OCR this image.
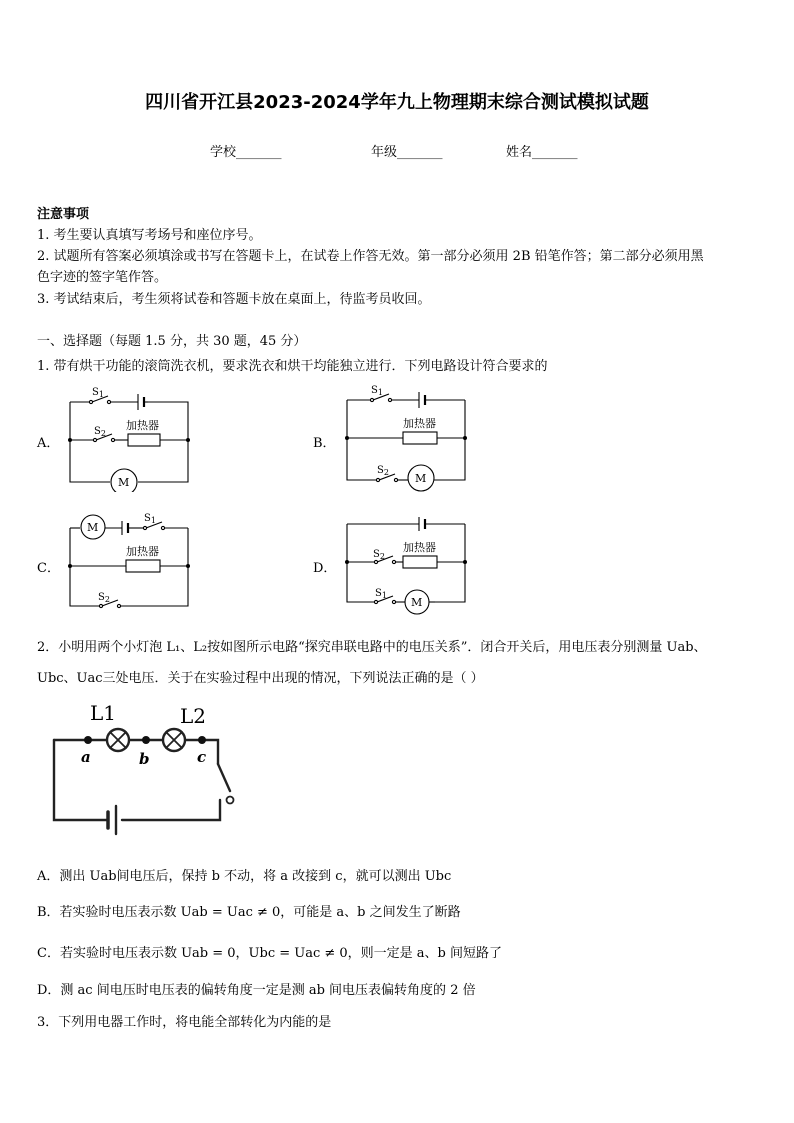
四川省开江县2023-2024学年九上物理期末综合测试模拟试题
学校_______	年级_______	姓名_______
注意事项
1. 考生要认真填写考场号和座位序号。
2. 试题所有答案必须填涂或书写在答题卡上，在试卷上作答无效。第一部分必须用 2B 铅笔作答；第二部分必须用黑
色字迹的签字笔作答。
3. 考试结束后，考生须将试卷和答题卡放在桌面上，待监考员收回。
一、选择题（每题 1.5 分，共 30 题，45 分）
1. 带有烘干功能的滚筒洗衣机，要求洗衣和烘干均能独立进行．下列电路设计符合要求的
A．	B．
C．	D．
$S_1$
$S_2$
加热器
M
$S_1$
加热器
$S_2$ M
M
$S_1$
加热器
$S_2$
$S_2$
加热器
$S_1$
M
2．小明用两个小灯泡 L₁、L₂按如图所示电路“探究串联电路中的电压关系”．闭合开关后，用电压表分别测量 Uab、
Ubc、Uac三处电压．关于在实验过程中出现的情况，下列说法正确的是（ ）
L1	L2
a	b	c
A．测出 Uab间电压后，保持 b 不动，将 a 改接到 c，就可以测出 Ubc
B．若实验时电压表示数 Uab = Uac ≠ 0，可能是 a、b 之间发生了断路
C．若实验时电压表示数 Uab = 0，Ubc = Uac ≠ 0，则一定是 a、b 间短路了
D．测 ac 间电压时电压表的偏转角度一定是测 ab 间电压表偏转角度的 2 倍
3．下列用电器工作时，将电能全部转化为内能的是
